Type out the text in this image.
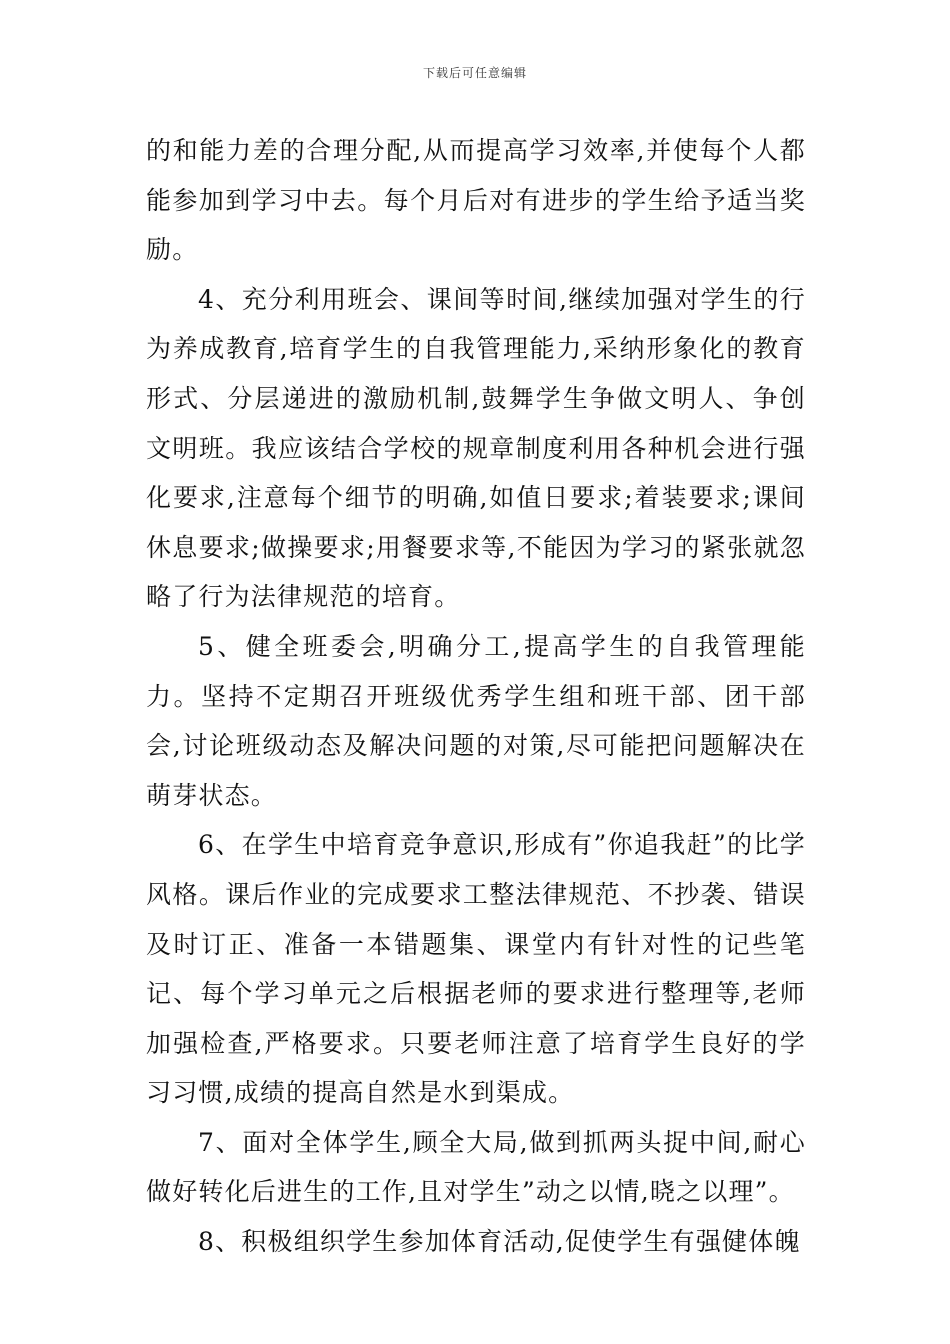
下载后可任意编辑

的和能力差的合理分配,从而提高学习效率,并使每个人都能参加到学习中去。每个月后对有进步的学生给予适当奖励。

4、充分利用班会、课间等时间,继续加强对学生的行为养成教育,培育学生的自我管理能力,采纳形象化的教育形式、分层递进的激励机制,鼓舞学生争做文明人、争创文明班。我应该结合学校的规章制度利用各种机会进行强化要求,注意每个细节的明确,如值日要求;着装要求;课间休息要求;做操要求;用餐要求等,不能因为学习的紧张就忽略了行为法律规范的培育。

5、健全班委会,明确分工,提高学生的自我管理能力。坚持不定期召开班级优秀学生组和班干部、团干部会,讨论班级动态及解决问题的对策,尽可能把问题解决在萌芽状态。

6、在学生中培育竞争意识,形成有”你追我赶”的比学风格。课后作业的完成要求工整法律规范、不抄袭、错误及时订正、准备一本错题集、课堂内有针对性的记些笔记、每个学习单元之后根据老师的要求进行整理等,老师加强检查,严格要求。只要老师注意了培育学生良好的学习习惯,成绩的提高自然是水到渠成。

7、面对全体学生,顾全大局,做到抓两头捉中间,耐心做好转化后进生的工作,且对学生”动之以情,晓之以理”。

8、积极组织学生参加体育活动,促使学生有强健体魄
